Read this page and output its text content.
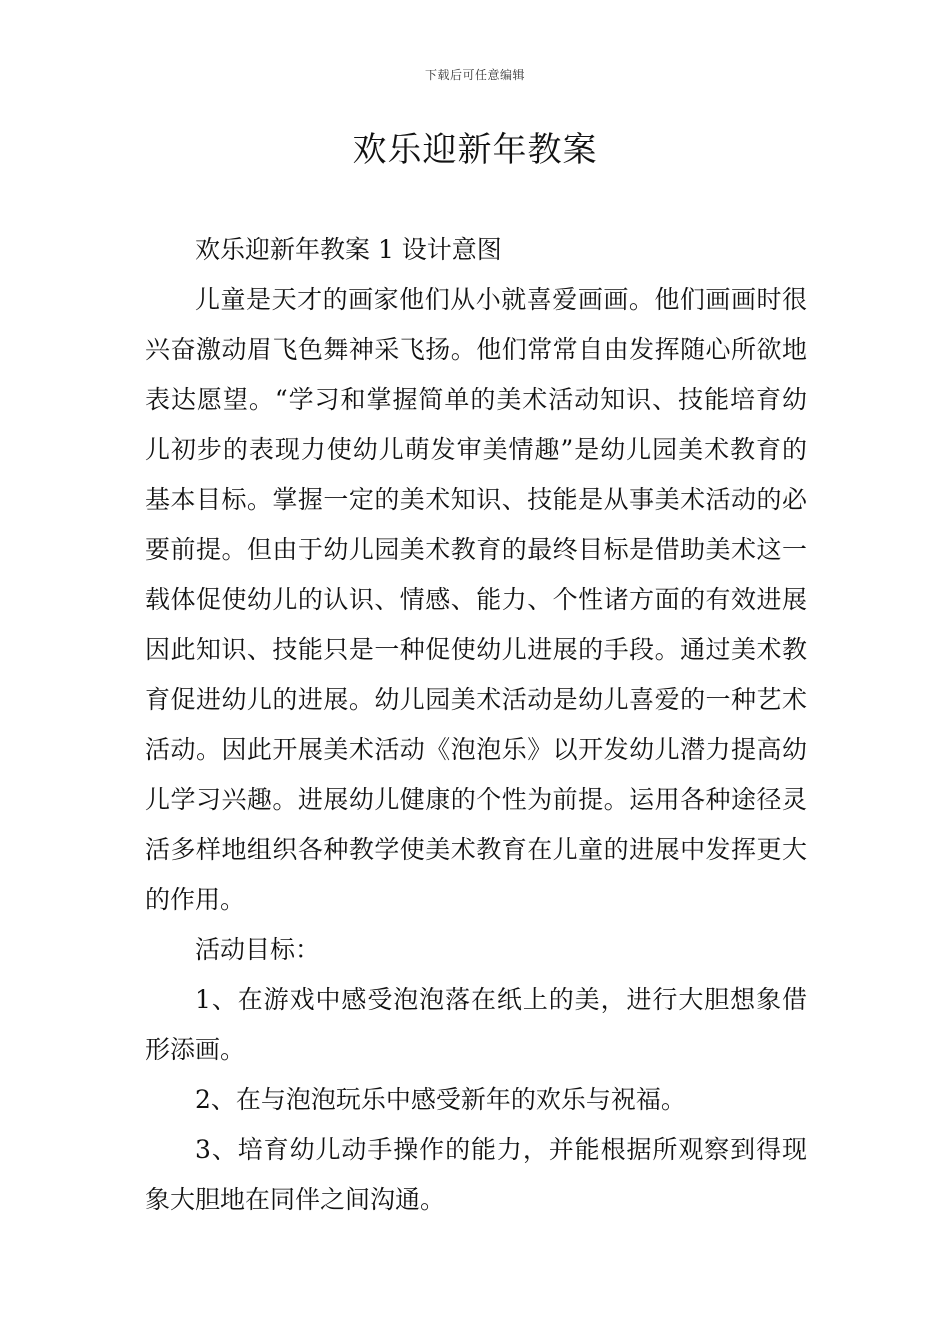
下载后可任意编辑
欢乐迎新年教案

欢乐迎新年教案 1 设计意图

儿童是天才的画家他们从小就喜爱画画。他们画画时很兴奋激动眉飞色舞神采飞扬。他们常常自由发挥随心所欲地表达愿望。“学习和掌握简单的美术活动知识、技能培育幼儿初步的表现力使幼儿萌发审美情趣”是幼儿园美术教育的基本目标。掌握一定的美术知识、技能是从事美术活动的必要前提。但由于幼儿园美术教育的最终目标是借助美术这一载体促使幼儿的认识、情感、能力、个性诸方面的有效进展因此知识、技能只是一种促使幼儿进展的手段。通过美术教育促进幼儿的进展。幼儿园美术活动是幼儿喜爱的一种艺术活动。因此开展美术活动《泡泡乐》以开发幼儿潜力提高幼儿学习兴趣。进展幼儿健康的个性为前提。运用各种途径灵活多样地组织各种教学使美术教育在儿童的进展中发挥更大的作用。

活动目标：

1、在游戏中感受泡泡落在纸上的美，进行大胆想象借形添画。

2、在与泡泡玩乐中感受新年的欢乐与祝福。

3、培育幼儿动手操作的能力，并能根据所观察到得现象大胆地在同伴之间沟通。
